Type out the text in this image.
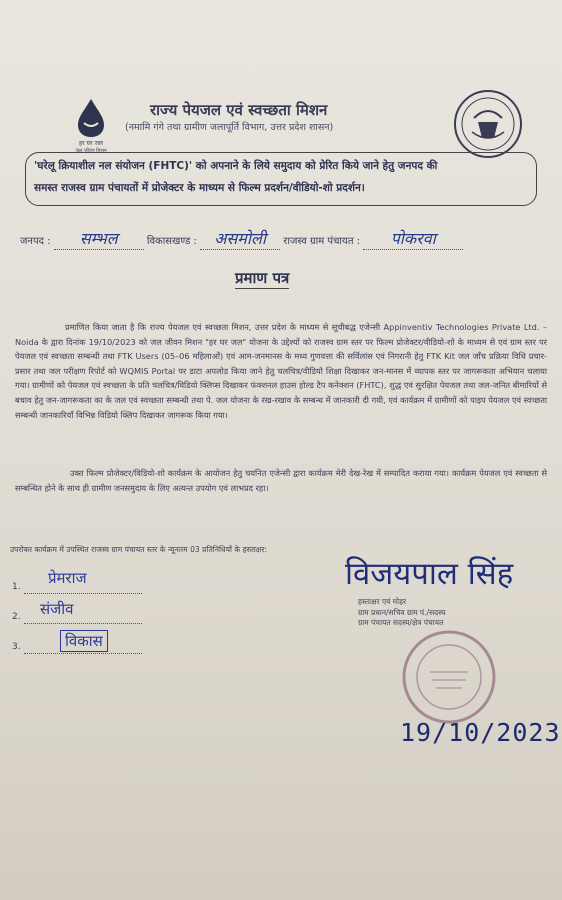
हर घर जल
जल जीवन मिशन
राज्य पेयजल एवं स्वच्छता मिशन
(नमामि गंगे तथा ग्रामीण जलापूर्ति विभाग, उत्तर प्रदेश शासन)
'घरेलू क्रियाशील नल संयोजन (FHTC)' को अपनाने के लिये समुदाय को प्रेरित किये जाने हेतु जनपद की
समस्त राजस्व ग्राम पंचायतों में प्रोजेक्टर के माध्यम से फिल्म प्रदर्शन/वीडियो-शो प्रदर्शन।
जनपद : सम्भल	विकासखण्ड : असमोली राजस्व ग्राम पंचायत : पोकरवा
प्रमाण पत्र
प्रमाणित किया जाता है कि राज्य पेयजल एवं स्वच्छता मिशन, उत्तर प्रदेश के माध्यम से सूचीबद्ध एजेन्सी Appinventiv Technologies Private Ltd. – Noida के द्वारा दिनांक 19/10/2023 को जल जीवन मिशन "हर घर जल" योजना के उद्देश्यों को राजस्व ग्राम स्तर पर फिल्म प्रोजेक्टर/वीडियो-शो के माध्यम से एवं ग्राम स्तर पर पेयजल एवं स्वच्छता सम्बन्धी तथा FTK Users (05–06 महिलाओं) एवं आम-जनमानस के मध्य गुणवत्ता की सर्विलांस एवं निगरानी हेतु FTK Kit जल जाँच प्रक्रिया विधि प्रचार-प्रसार तथा जल परीक्षण रिपोर्ट को WQMIS Portal पर डाटा अपलोड किया जाने हेतु चलचित्र/वीडियो शिक्षा दिखाकर जन-मानस में व्यापक स्तर पर जागरूकता अभियान चलाया गया। ग्रामीणों को पेयजल एवं स्वच्छता के प्रति चलचित्र/विडियो क्लिप्स दिखाकर फंक्शनल हाउस होल्ड टैप कनेक्शन (FHTC), शुद्ध एवं सुरक्षित पेयजल तथा जल-जनित बीमारियों से बचाव हेतु जन-जागरूकता का के जल एवं स्वच्छता सम्बन्धी तथा पे. जल योजना के रख-रखाव के सम्बन्ध में जानकारी दी गयी, एवं कार्यक्रम में ग्रामीणों को पाइप पेयजल एवं स्वच्छता सम्बन्धी जानकारियाँ विभिन्न विडियो क्लिप दिखाकर जागरूक किया गया।
उक्त फिल्म प्रोजेक्टर/विडियो-शो कार्यक्रम के आयोजन हेतु चयनित एजेन्सी द्वारा कार्यक्रम मेरी देख-रेख में सम्पादित कराया गया। कार्यक्रम पेयजल एवं स्वच्छता से सम्बन्धित होने के साथ ही ग्रामीण जनसमुदाय के लिए अत्यन्त उपयोग एवं लाभप्रद रहा।
उपरोक्त कार्यक्रम में उपस्थित राजस्व ग्राम पंचायत स्तर के न्यूनतम 03 प्रतिनिधियों के हस्ताक्षर:
1. प्रेमराज
2. संजीव
3.	विकास
विजयपाल सिंह
हस्ताक्षर एवं मोहर
ग्राम प्रधान/सचिव ग्राम पं./सदस्य
ग्राम पंचायत सदस्य/क्षेत्र पंचायत
19/10/2023
